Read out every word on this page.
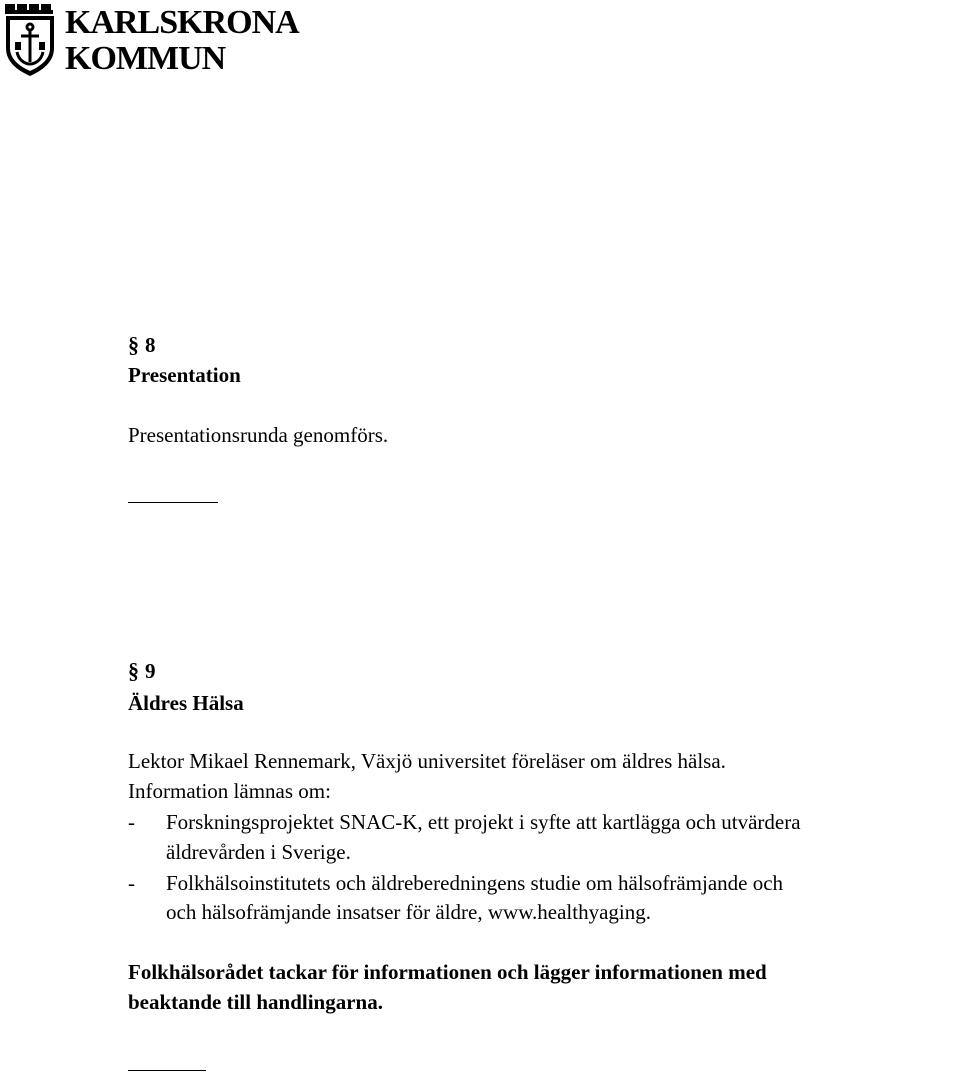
KARLSKRONA
KOMMUN
§ 8
Presentation
Presentationsrunda genomförs.
§ 9
Äldres Hälsa
Lektor Mikael Rennemark, Växjö universitet föreläser om äldres hälsa.
Information lämnas om:
- Forskningsprojektet SNAC-K, ett projekt i syfte att kartlägga och utvärdera
äldrevården i Sverige.
- Folkhälsoinstitutets och äldreberedningens studie om hälsofrämjande och
och hälsofrämjande insatser för äldre, www.healthyaging.
Folkhälsorådet tackar för informationen och lägger informationen med
beaktande till handlingarna.
